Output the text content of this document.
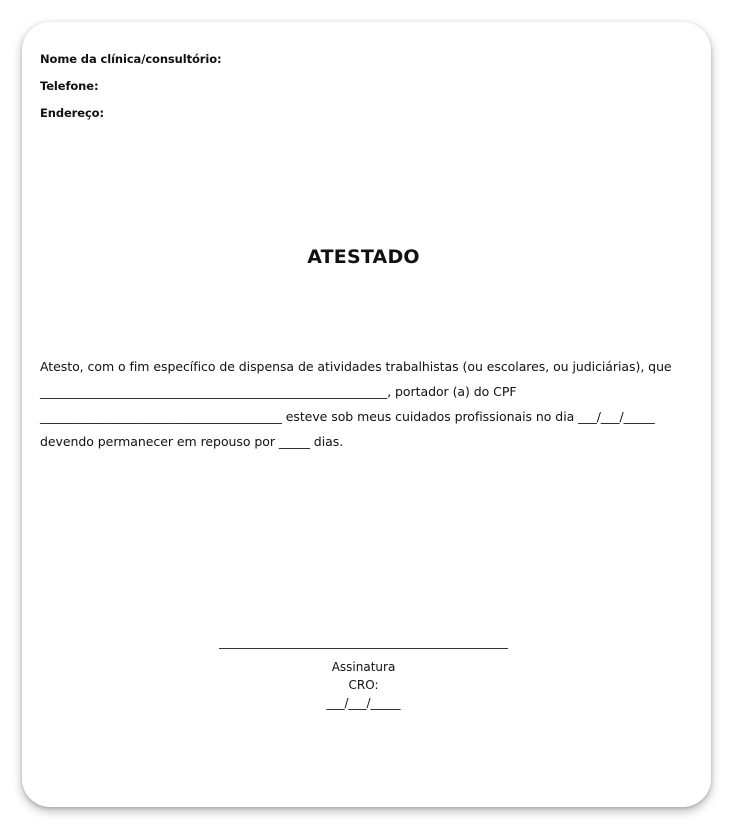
Nome da clínica/consultório:
Telefone:
Endereço:
ATESTADO
Atesto, com o fim específico de dispensa de atividades trabalhistas (ou escolares, ou judiciárias), que
________________________________________________________, portador (a) do CPF
_______________________________________ esteve sob meus cuidados profissionais no dia ___/___/_____
devendo permanecer em repouso por _____ dias.
Assinatura
CRO:
___/___/_____
